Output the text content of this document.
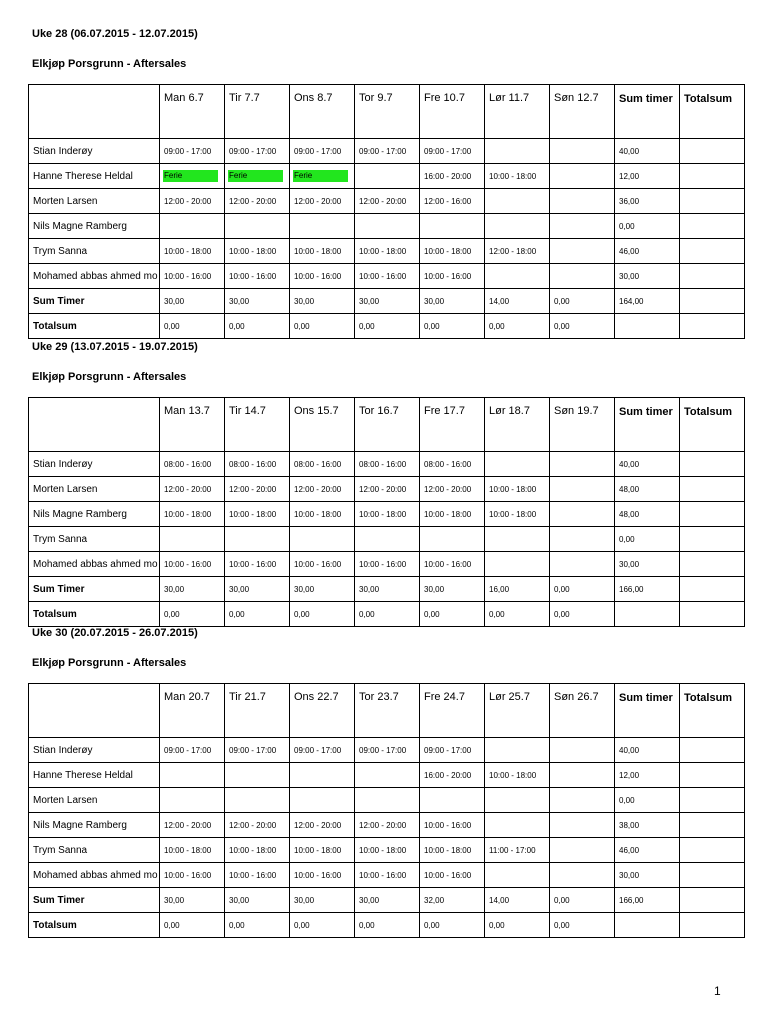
Uke 28 (06.07.2015 - 12.07.2015)
Elkjøp Porsgrunn - Aftersales
	Man 6.7	Tir 7.7	Ons 8.7	Tor 9.7	Fre 10.7	Lør 11.7	Søn 12.7	Sum timer	Totalsum
Stian Inderøy	09:00 - 17:00	09:00 - 17:00	09:00 - 17:00	09:00 - 17:00	09:00 - 17:00			40,00	
Hanne Therese Heldal	Ferie	Ferie	Ferie		16:00 - 20:00	10:00 - 18:00		12,00	
Morten Larsen	12:00 - 20:00	12:00 - 20:00	12:00 - 20:00	12:00 - 20:00	12:00 - 16:00			36,00	
Nils Magne Ramberg								0,00	
Trym Sanna	10:00 - 18:00	10:00 - 18:00	10:00 - 18:00	10:00 - 18:00	10:00 - 18:00	12:00 - 18:00		46,00	
Mohamed abbas ahmed mo	10:00 - 16:00	10:00 - 16:00	10:00 - 16:00	10:00 - 16:00	10:00 - 16:00			30,00	
Sum Timer	30,00	30,00	30,00	30,00	30,00	14,00	0,00	164,00	
Totalsum	0,00	0,00	0,00	0,00	0,00	0,00	0,00		
Uke 29 (13.07.2015 - 19.07.2015)
Elkjøp Porsgrunn - Aftersales
	Man 13.7	Tir 14.7	Ons 15.7	Tor 16.7	Fre 17.7	Lør 18.7	Søn 19.7	Sum timer	Totalsum
Stian Inderøy	08:00 - 16:00	08:00 - 16:00	08:00 - 16:00	08:00 - 16:00	08:00 - 16:00			40,00	
Morten Larsen	12:00 - 20:00	12:00 - 20:00	12:00 - 20:00	12:00 - 20:00	12:00 - 20:00	10:00 - 18:00		48,00	
Nils Magne Ramberg	10:00 - 18:00	10:00 - 18:00	10:00 - 18:00	10:00 - 18:00	10:00 - 18:00	10:00 - 18:00		48,00	
Trym Sanna								0,00	
Mohamed abbas ahmed mo	10:00 - 16:00	10:00 - 16:00	10:00 - 16:00	10:00 - 16:00	10:00 - 16:00			30,00	
Sum Timer	30,00	30,00	30,00	30,00	30,00	16,00	0,00	166,00	
Totalsum	0,00	0,00	0,00	0,00	0,00	0,00	0,00		
Uke 30 (20.07.2015 - 26.07.2015)
Elkjøp Porsgrunn - Aftersales
	Man 20.7	Tir 21.7	Ons 22.7	Tor 23.7	Fre 24.7	Lør 25.7	Søn 26.7	Sum timer	Totalsum
Stian Inderøy	09:00 - 17:00	09:00 - 17:00	09:00 - 17:00	09:00 - 17:00	09:00 - 17:00			40,00	
Hanne Therese Heldal					16:00 - 20:00	10:00 - 18:00		12,00	
Morten Larsen								0,00	
Nils Magne Ramberg	12:00 - 20:00	12:00 - 20:00	12:00 - 20:00	12:00 - 20:00	10:00 - 16:00			38,00	
Trym Sanna	10:00 - 18:00	10:00 - 18:00	10:00 - 18:00	10:00 - 18:00	10:00 - 18:00	11:00 - 17:00		46,00	
Mohamed abbas ahmed mo	10:00 - 16:00	10:00 - 16:00	10:00 - 16:00	10:00 - 16:00	10:00 - 16:00			30,00	
Sum Timer	30,00	30,00	30,00	30,00	32,00	14,00	0,00	166,00	
Totalsum	0,00	0,00	0,00	0,00	0,00	0,00	0,00		
1
